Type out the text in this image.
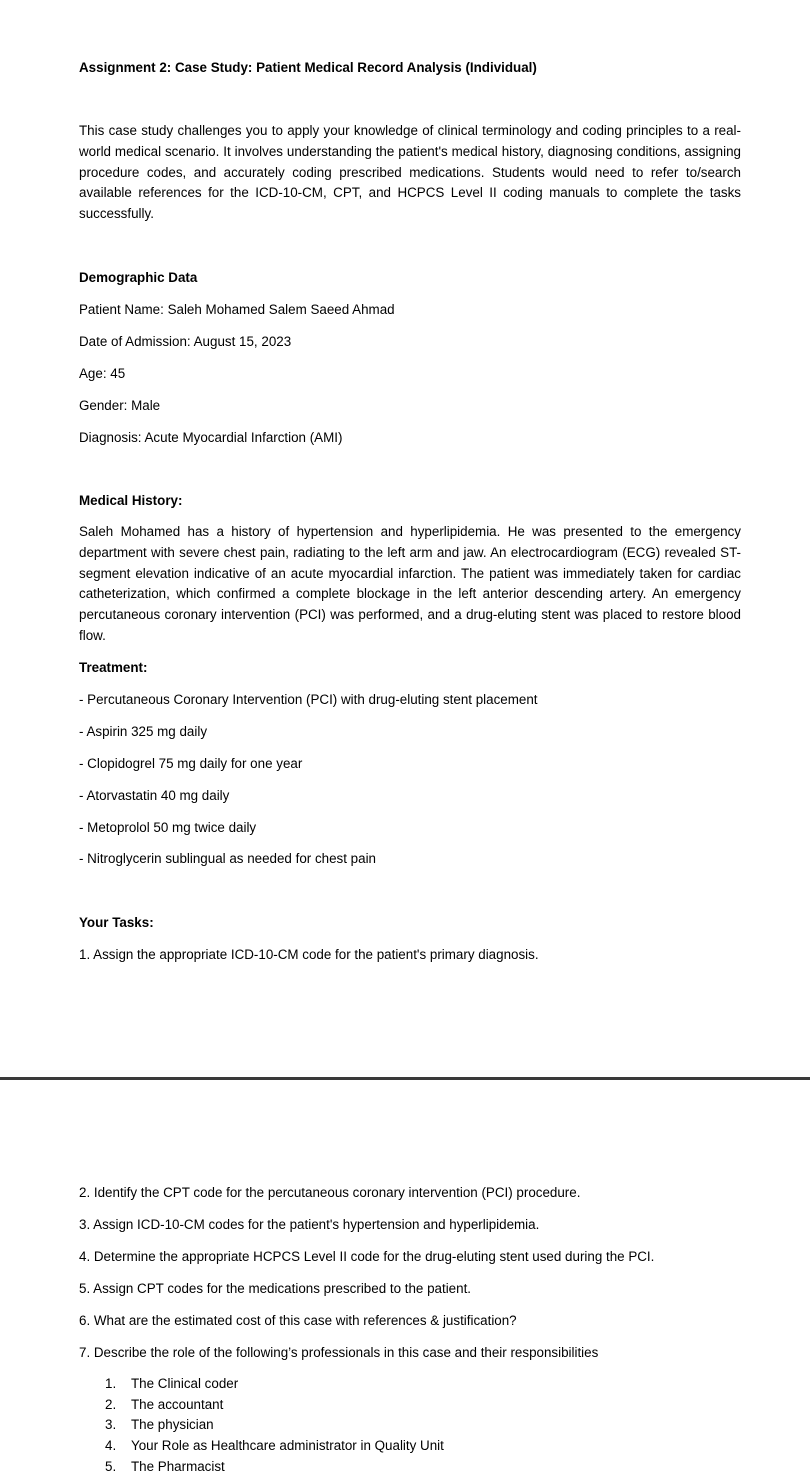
Assignment 2: Case Study: Patient Medical Record Analysis (Individual)

This case study challenges you to apply your knowledge of clinical terminology and coding principles to a real-world medical scenario. It involves understanding the patient's medical history, diagnosing conditions, assigning procedure codes, and accurately coding prescribed medications. Students would need to refer to/search available references for the ICD-10-CM, CPT, and HCPCS Level II coding manuals to complete the tasks successfully.

Demographic Data

Patient Name: Saleh Mohamed Salem Saeed Ahmad

Date of Admission: August 15, 2023

Age: 45

Gender: Male

Diagnosis: Acute Myocardial Infarction (AMI)

Medical History:

Saleh Mohamed has a history of hypertension and hyperlipidemia. He was presented to the emergency department with severe chest pain, radiating to the left arm and jaw. An electrocardiogram (ECG) revealed ST-segment elevation indicative of an acute myocardial infarction. The patient was immediately taken for cardiac catheterization, which confirmed a complete blockage in the left anterior descending artery. An emergency percutaneous coronary intervention (PCI) was performed, and a drug-eluting stent was placed to restore blood flow.

Treatment:

- Percutaneous Coronary Intervention (PCI) with drug-eluting stent placement

- Aspirin 325 mg daily

- Clopidogrel 75 mg daily for one year

- Atorvastatin 40 mg daily

- Metoprolol 50 mg twice daily

- Nitroglycerin sublingual as needed for chest pain

Your Tasks:

1. Assign the appropriate ICD-10-CM code for the patient's primary diagnosis.

2. Identify the CPT code for the percutaneous coronary intervention (PCI) procedure.

3. Assign ICD-10-CM codes for the patient's hypertension and hyperlipidemia.

4. Determine the appropriate HCPCS Level II code for the drug-eluting stent used during the PCI.

5. Assign CPT codes for the medications prescribed to the patient.

6. What are the estimated cost of this case with references & justification?

7. Describe the role of the following’s professionals in this case and their responsibilities

1. The Clinical coder
2. The accountant
3. The physician
4. Your Role as Healthcare administrator in Quality Unit
5. The Pharmacist
